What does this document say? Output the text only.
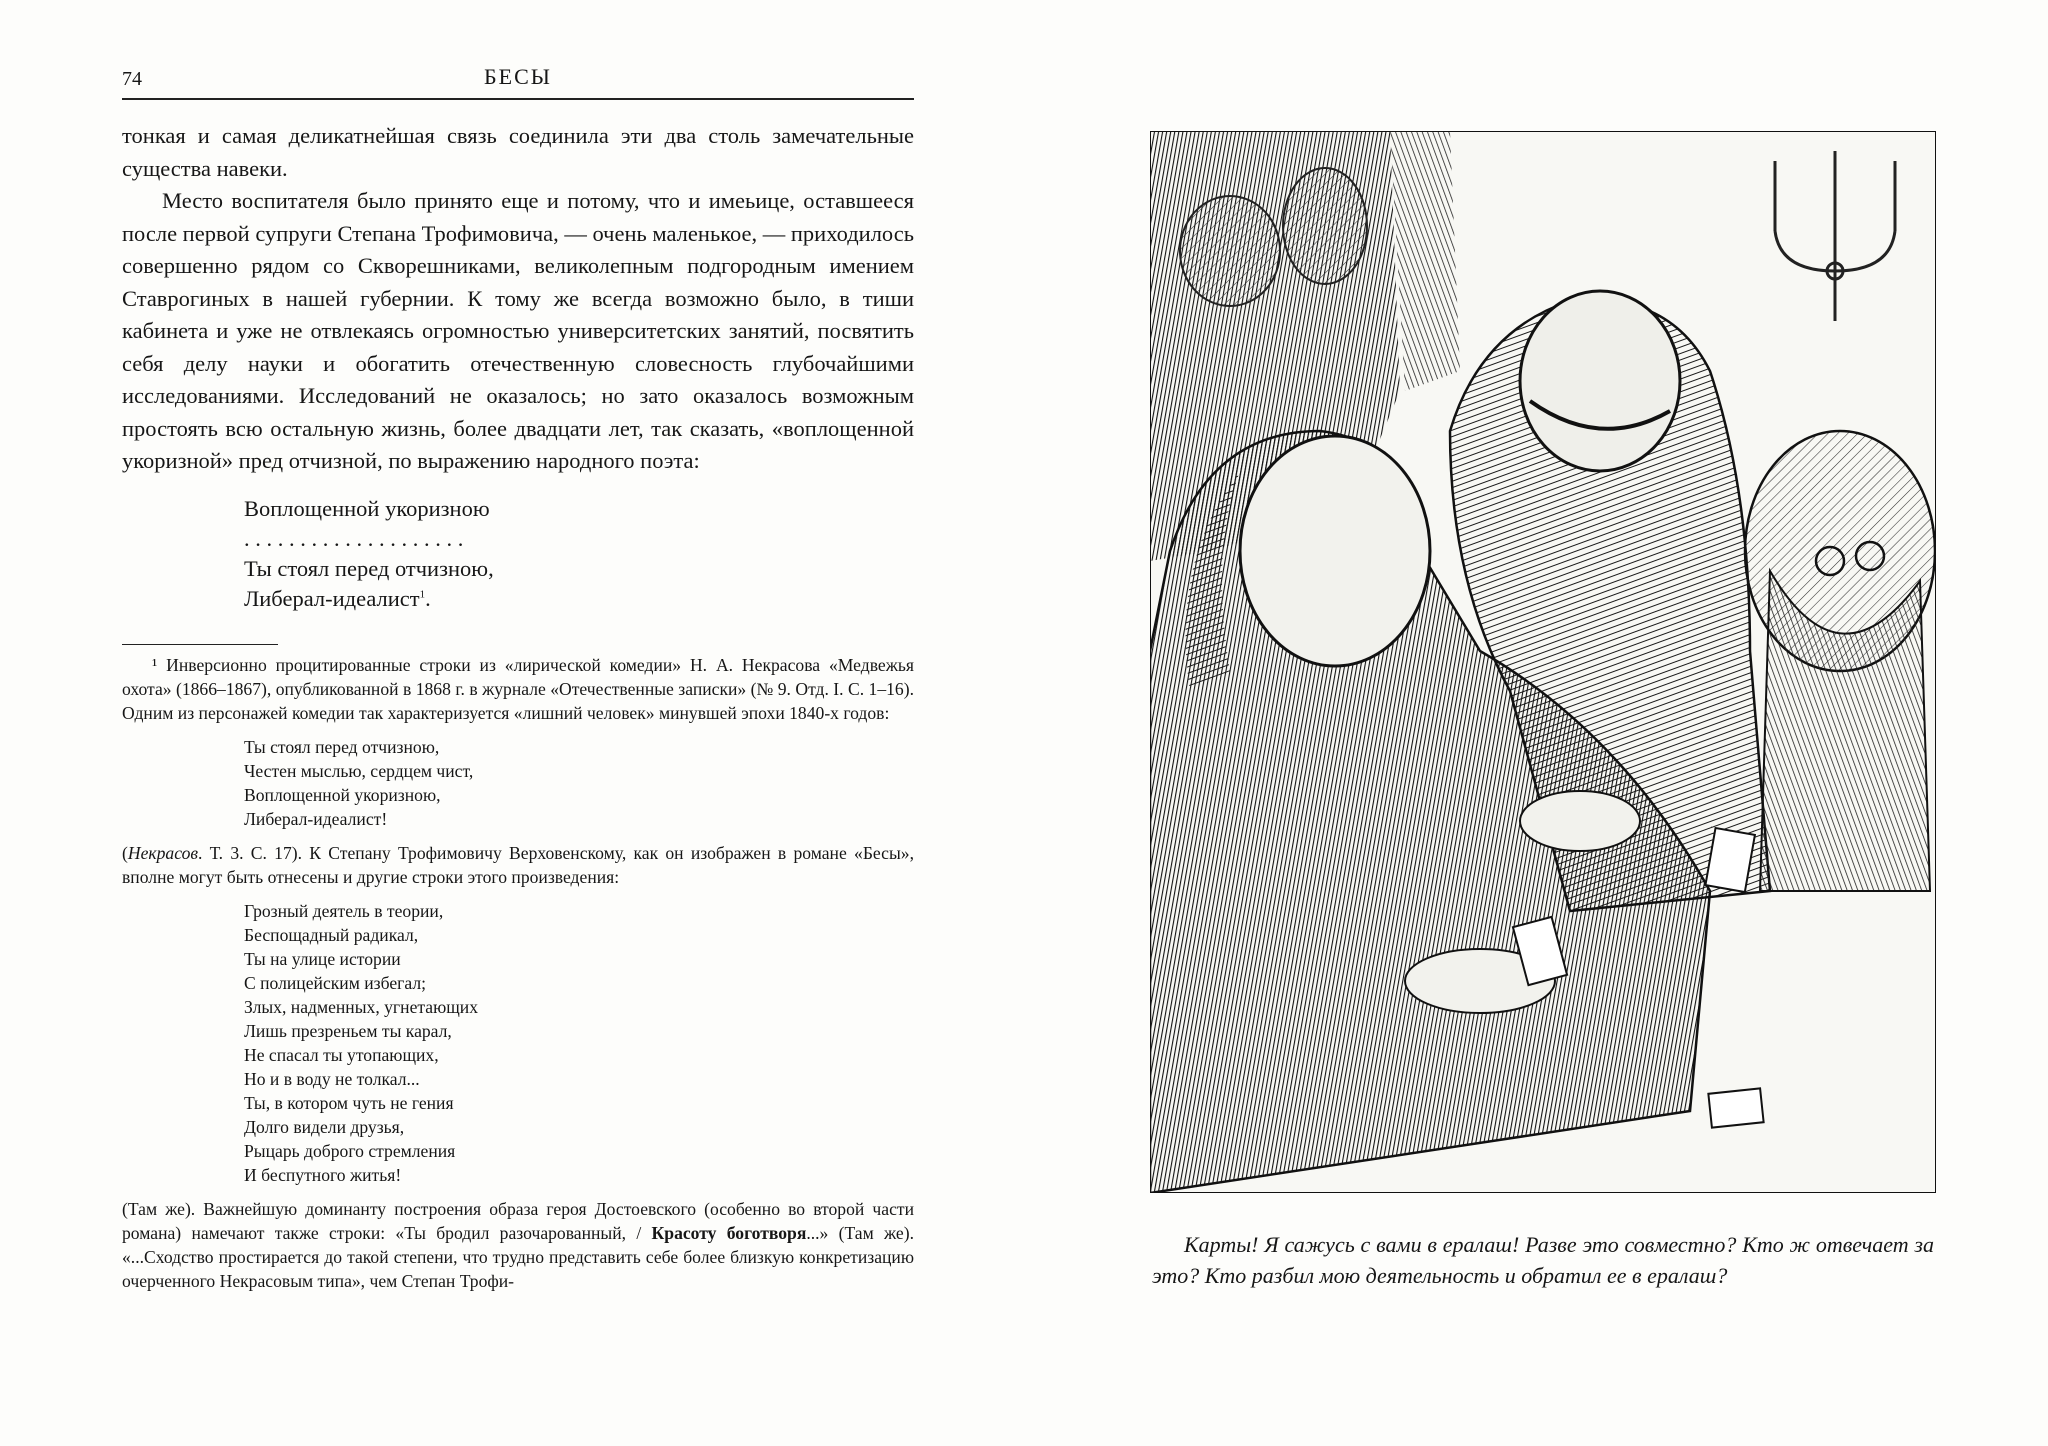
74	БЕСЫ

тонкая и самая деликатнейшая связь соединила эти два столь замечательные существа навеки.

Место воспитателя было принято еще и потому, что и имеьице, оставшееся после первой супруги Степана Трофимовича, — очень маленькое, — приходилось совершенно рядом со Скворешниками, великолепным подгородным имением Ставрогиных в нашей губернии. К тому же всегда возможно было, в тиши кабинета и уже не отвлекаясь огромностью университетских занятий, посвятить себя делу науки и обогатить отечественную словесность глубочайшими исследованиями. Исследований не оказалось; но зато оказалось возможным простоять всю остальную жизнь, более двадцати лет, так сказать, «воплощенной укоризной» пред отчизной, по выражению народного поэта:

Воплощенной укоризною
. . . . . . . . . . . . . . . . . . . .
Ты стоял перед отчизною,
Либерал-идеалист$^1$.

¹ Инверсионно процитированные строки из «лирической комедии» Н. А. Некрасова «Медвежья охота» (1866–1867), опубликованной в 1868 г. в журнале «Отечественные записки» (№ 9. Отд. I. С. 1–16). Одним из персонажей комедии так характеризуется «лишний человек» минувшей эпохи 1840-х годов:

Ты стоял перед отчизною,
Честен мыслью, сердцем чист,
Воплощенной укоризною,
Либерал-идеалист!

(Некрасов. Т. 3. С. 17). К Степану Трофимовичу Верховенскому, как он изображен в романе «Бесы», вполне могут быть отнесены и другие строки этого произведения:

Грозный деятель в теории,
Беспощадный радикал,
Ты на улице истории
С полицейским избегал;
Злых, надменных, угнетающих
Лишь презреньем ты карал,
Не спасал ты утопающих,
Но и в воду не толкал...
Ты, в котором чуть не гения
Долго видели друзья,
Рыцарь доброго стремления
И беспутного житья!

(Там же). Важнейшую доминанту построения образа героя Достоевского (особенно во второй части романа) намечают также строки: «Ты бродил разочарованный, / Красоту боготворя...» (Там же). «...Сходство простирается до такой степени, что трудно представить себе более близкую конкретизацию очерченного Некрасовым типа», чем Степан Трофи-

Карты! Я сажусь с вами в ералаш! Разве это совместно? Кто ж отвечает за это? Кто разбил мою деятельность и обратил ее в ералаш?
